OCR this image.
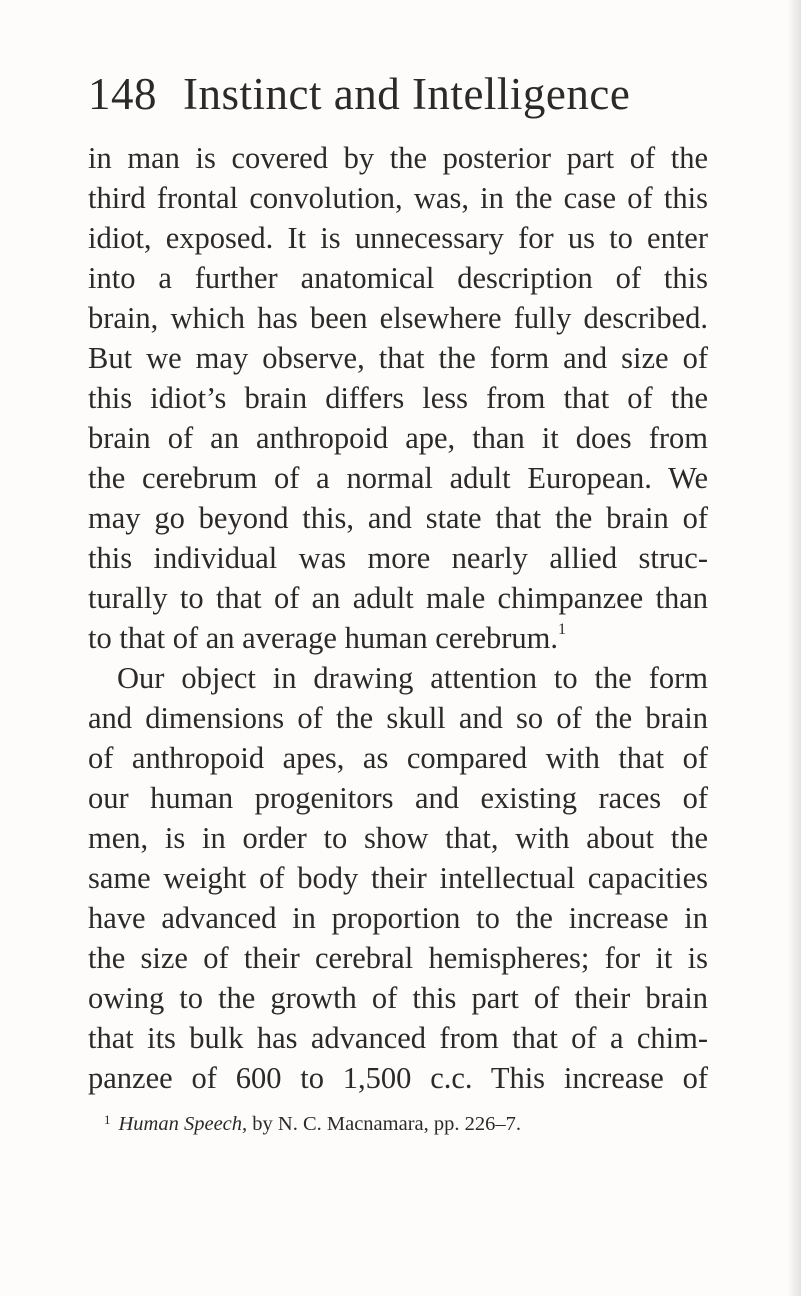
148 Instinct and Intelligence
in man is covered by the posterior part of the
third frontal convolution, was, in the case of this
idiot, exposed. It is unnecessary for us to enter
into a further anatomical description of this
brain, which has been elsewhere fully described.
But we may observe, that the form and size of
this idiot’s brain differs less from that of the
brain of an anthropoid ape, than it does from
the cerebrum of a normal adult European. We
may go beyond this, and state that the brain of
this individual was more nearly allied struc-
turally to that of an adult male chimpanzee than
to that of an average human cerebrum.$^1$
Our object in drawing attention to the form
and dimensions of the skull and so of the brain
of anthropoid apes, as compared with that of
our human progenitors and existing races of
men, is in order to show that, with about the
same weight of body their intellectual capacities
have advanced in proportion to the increase in
the size of their cerebral hemispheres; for it is
owing to the growth of this part of their brain
that its bulk has advanced from that of a chim-
panzee of 600 to 1,500 c.c. This increase of
$^1$ Human Speech, by N. C. Macnamara, pp. 226–7.
